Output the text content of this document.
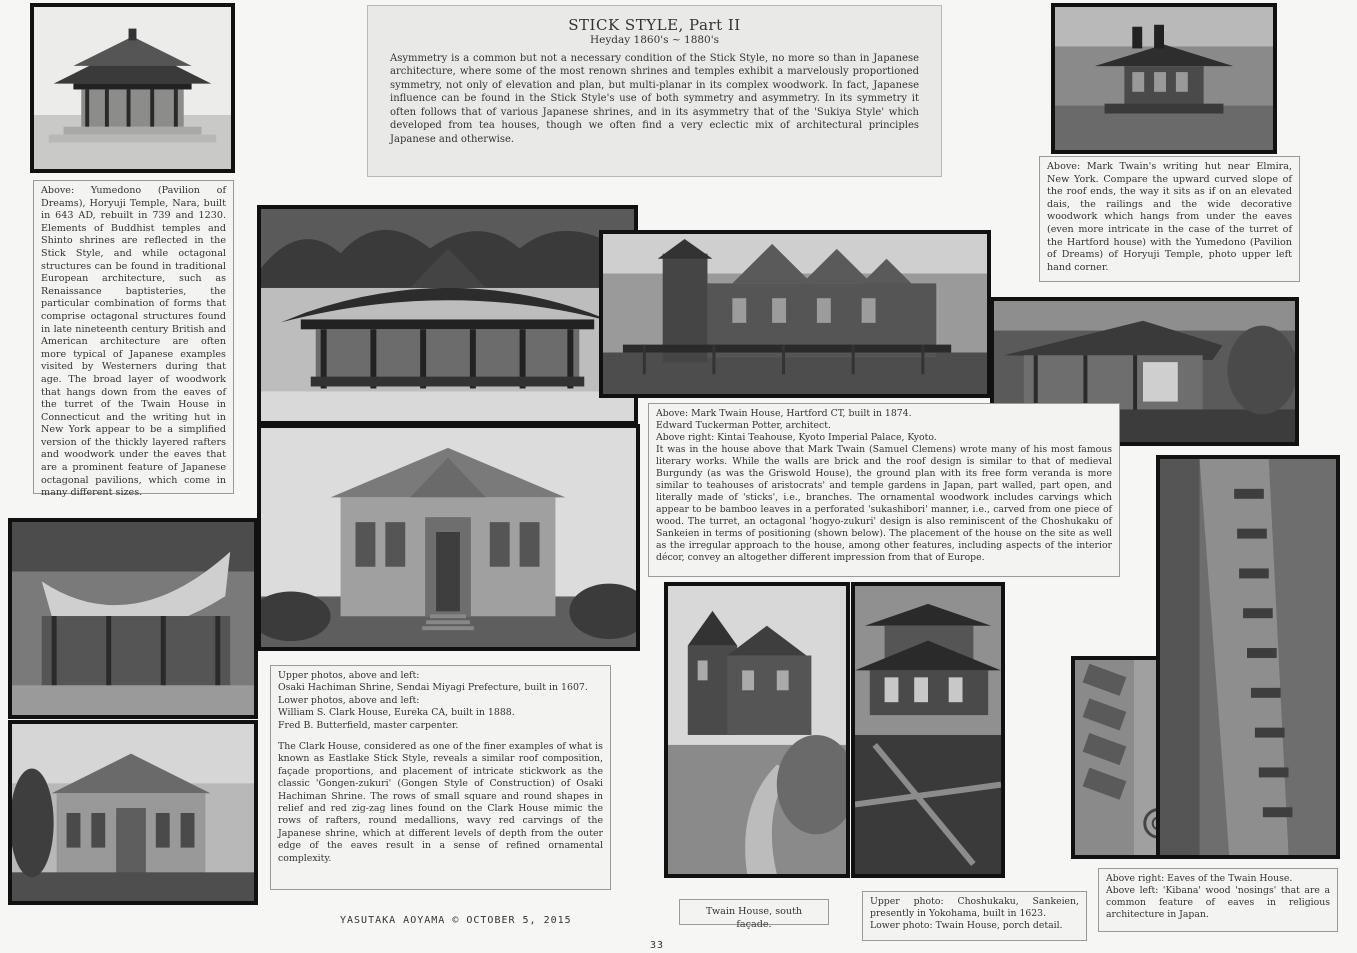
STICK STYLE, Part II
Heyday 1860's ~ 1880's
Asymmetry is a common but not a necessary condition of the Stick Style, no more so than in Japanese architecture, where some of the most renown shrines and temples exhibit a marvelously proportioned symmetry, not only of elevation and plan, but multi-planar in its complex woodwork. In fact, Japanese influence can be found in the Stick Style's use of both symmetry and asymmetry. In its symmetry it often follows that of various Japanese shrines, and in its asymmetry that of the 'Sukiya Style' which developed from tea houses, though we often find a very eclectic mix of architectural principles Japanese and otherwise.

Above: Yumedono (Pavilion of Dreams), Horyuji Temple, Nara, built in 643 AD, rebuilt in 739 and 1230. Elements of Buddhist temples and Shinto shrines are reflected in the Stick Style, and while octagonal structures can be found in traditional European architecture, such as Renaissance baptisteries, the particular combination of forms that comprise octagonal structures found in late nineteenth century British and American architecture are often more typical of Japanese examples visited by Westerners during that age. The broad layer of woodwork that hangs down from the eaves of the turret of the Twain House in Connecticut and the writing hut in New York appear to be a simplified version of the thickly layered rafters and woodwork under the eaves that are a prominent feature of Japanese octagonal pavilions, which come in many different sizes.

Above: Mark Twain's writing hut near Elmira, New York. Compare the upward curved slope of the roof ends, the way it sits as if on an elevated dais, the railings and the wide decorative woodwork which hangs from under the eaves (even more intricate in the case of the turret of the Hartford house) with the Yumedono (Pavilion of Dreams) of Horyuji Temple, photo upper left hand corner.

Above: Mark Twain House, Hartford CT, built in 1874.

Edward Tuckerman Potter, architect.

Above right: Kintai Teahouse, Kyoto Imperial Palace, Kyoto.

It was in the house above that Mark Twain (Samuel Clemens) wrote many of his most famous literary works. While the walls are brick and the roof design is similar to that of medieval Burgundy (as was the Griswold House), the ground plan with its free form veranda is more similar to teahouses of aristocrats' and temple gardens in Japan, part walled, part open, and literally made of 'sticks', i.e., branches. The ornamental woodwork includes carvings which appear to be bamboo leaves in a perforated 'sukashibori' manner, i.e., carved from one piece of wood. The turret, an octagonal 'hogyo-zukuri' design is also reminiscent of the Choshukaku of Sankeien in terms of positioning (shown below). The placement of the house on the site as well as the irregular approach to the house, among other features, including aspects of the interior décor, convey an altogether different impression from that of Europe.

Upper photos, above and left:

Osaki Hachiman Shrine, Sendai Miyagi Prefecture, built in 1607.

Lower photos, above and left:

William S. Clark House, Eureka CA, built in 1888.

Fred B. Butterfield, master carpenter.

The Clark House, considered as one of the finer examples of what is known as Eastlake Stick Style, reveals a similar roof composition, façade proportions, and placement of intricate stickwork as the classic 'Gongen-zukuri' (Gongen Style of Construction) of Osaki Hachiman Shrine. The rows of small square and round shapes in relief and red zig-zag lines found on the Clark House mimic the rows of rafters, round medallions, wavy red carvings of the Japanese shrine, which at different levels of depth from the outer edge of the eaves result in a sense of refined ornamental complexity.

Twain House, south façade.

Upper photo: Choshukaku, Sankeien, presently in Yokohama, built in 1623.

Lower photo: Twain House, porch detail.

Above right: Eaves of the Twain House.

Above left: 'Kibana' wood 'nosings' that are a common feature of eaves in religious architecture in Japan.

YASUTAKA AOYAMA © OCTOBER 5, 2015
33
